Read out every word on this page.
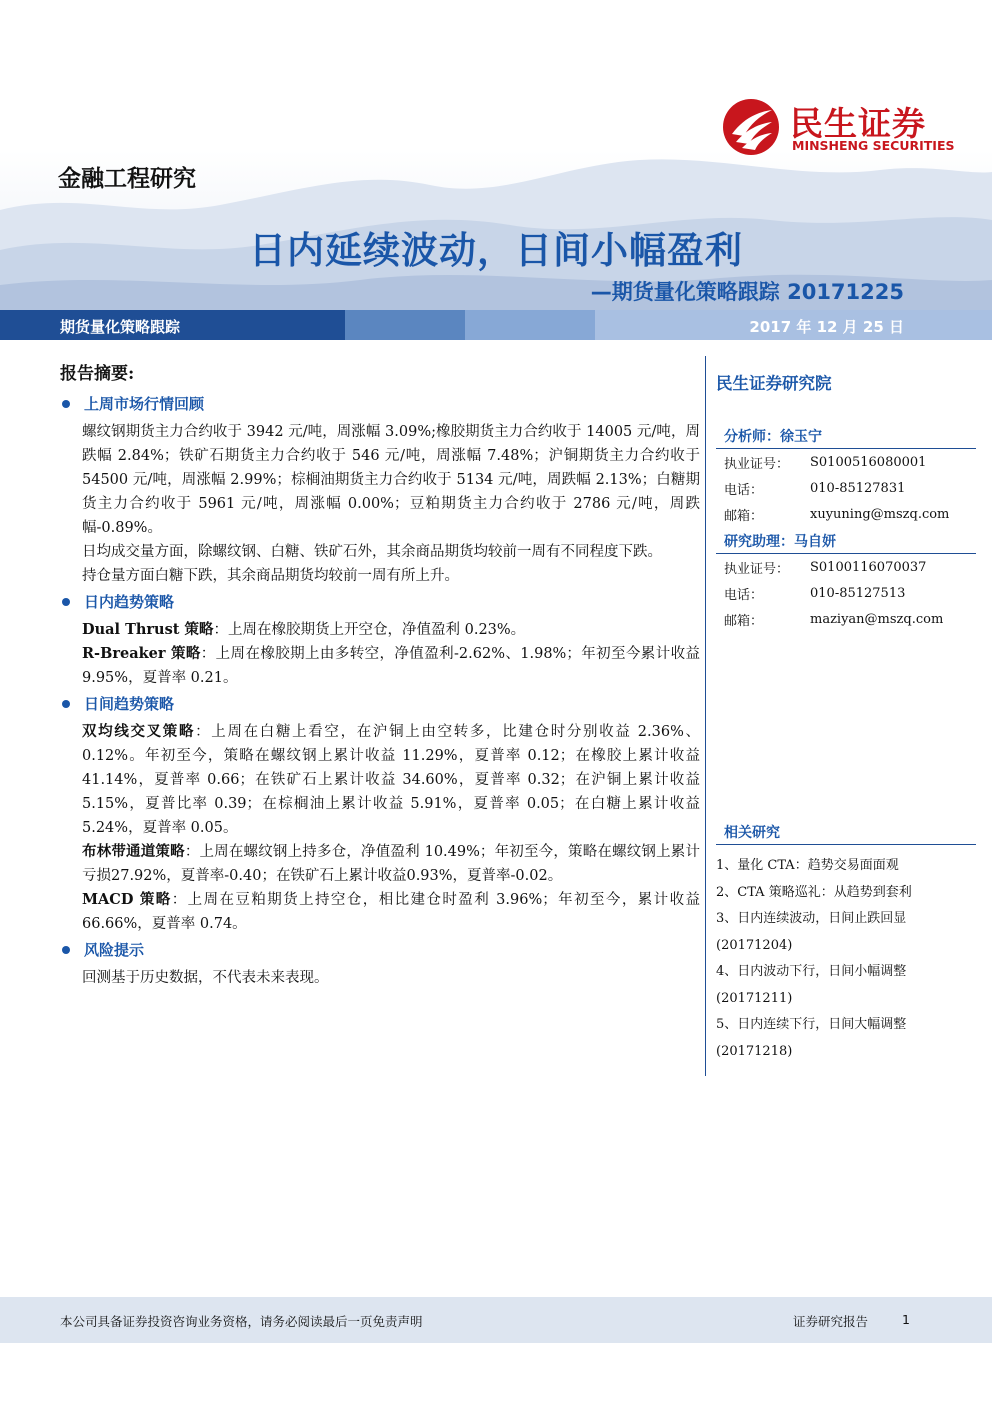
民生证券
MINSHENG SECURITIES
金融工程研究
日内延续波动，日间小幅盈利
—期货量化策略跟踪 20171225
期货量化策略跟踪	2017 年 12 月 25 日
报告摘要:
上周市场行情回顾
螺纹钢期货主力合约收于 3942 元/吨，周涨幅 3.09%;橡胶期货主力合约收于 14005 元/吨，周跌幅 2.84%；铁矿石期货主力合约收于 546 元/吨，周涨幅 7.48%；沪铜期货主力合约收于 54500 元/吨，周涨幅 2.99%；棕榈油期货主力合约收于 5134 元/吨，周跌幅 2.13%；白糖期货主力合约收于 5961 元/吨，周涨幅 0.00%；豆粕期货主力合约收于 2786 元/吨，周跌幅-0.89%。
日均成交量方面，除螺纹钢、白糖、铁矿石外，其余商品期货均较前一周有不同程度下跌。
持仓量方面白糖下跌，其余商品期货均较前一周有所上升。
日内趋势策略
Dual Thrust 策略：上周在橡胶期货上开空仓，净值盈利 0.23%。
R-Breaker 策略：上周在橡胶期上由多转空，净值盈利-2.62%、1.98%；年初至今累计收益 9.95%，夏普率 0.21。
日间趋势策略
双均线交叉策略：上周在白糖上看空，在沪铜上由空转多，比建仓时分别收益 2.36%、0.12%。年初至今，策略在螺纹钢上累计收益 11.29%，夏普率 0.12；在橡胶上累计收益 41.14%，夏普率 0.66；在铁矿石上累计收益 34.60%，夏普率 0.32；在沪铜上累计收益 5.15%，夏普比率 0.39；在棕榈油上累计收益 5.91%，夏普率 0.05；在白糖上累计收益 5.24%，夏普率 0.05。
布林带通道策略：上周在螺纹钢上持多仓，净值盈利 10.49%；年初至今，策略在螺纹钢上累计亏损27.92%，夏普率-0.40；在铁矿石上累计收益0.93%，夏普率-0.02。
MACD 策略：上周在豆粕期货上持空仓，相比建仓时盈利 3.96%；年初至今，累计收益 66.66%，夏普率 0.74。
风险提示
回测基于历史数据，不代表未来表现。
民生证券研究院
分析师：徐玉宁
执业证号：	S0100516080001
电话：	010-85127831
邮箱：	xuyuning@mszq.com
研究助理：马自妍
执业证号：	S0100116070037
电话：	010-85127513
邮箱：	maziyan@mszq.com
相关研究
1、量化 CTA：趋势交易面面观
2、CTA 策略巡礼：从趋势到套利
3、日内连续波动，日间止跌回显 (20171204)
4、日内波动下行，日间小幅调整 (20171211)
5、日内连续下行，日间大幅调整 (20171218)
本公司具备证券投资咨询业务资格，请务必阅读最后一页免责声明	证券研究报告	1
